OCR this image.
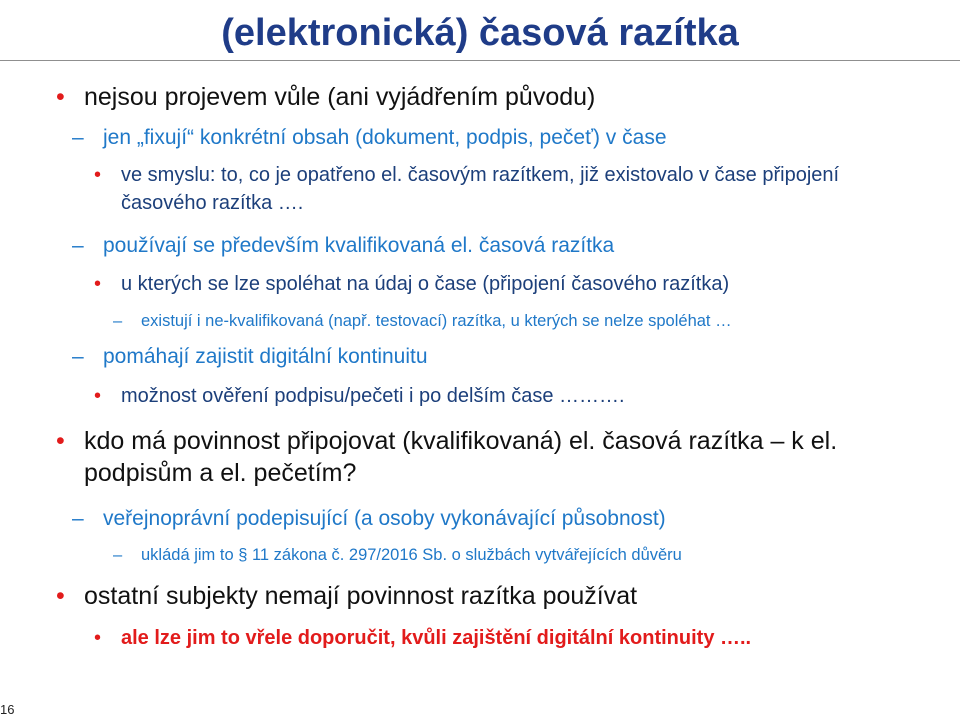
(elektronická) časová razítka
• nejsou projevem vůle (ani vyjádřením původu)
– jen „fixují“ konkrétní obsah (dokument, podpis, pečeť) v čase
• ve smyslu: to, co je opatřeno el. časovým razítkem, již existovalo v čase připojení časového razítka ….
– používají se především kvalifikovaná el. časová razítka
• u kterých se lze spoléhat na údaj o čase (připojení časového razítka)
– existují i ne-kvalifikovaná (např. testovací) razítka, u kterých se nelze spoléhat …
– pomáhají zajistit digitální kontinuitu
• možnost ověření podpisu/pečeti i po delším čase ……….
• kdo má povinnost připojovat (kvalifikovaná) el. časová razítka – k el. podpisům a el. pečetím?
– veřejnoprávní podepisující (a osoby vykonávající působnost)
– ukládá jim to § 11 zákona č. 297/2016 Sb. o službách vytvářejících důvěru
• ostatní subjekty nemají povinnost razítka používat
• ale lze jim to vřele doporučit, kvůli zajištění digitální kontinuity …..
16
